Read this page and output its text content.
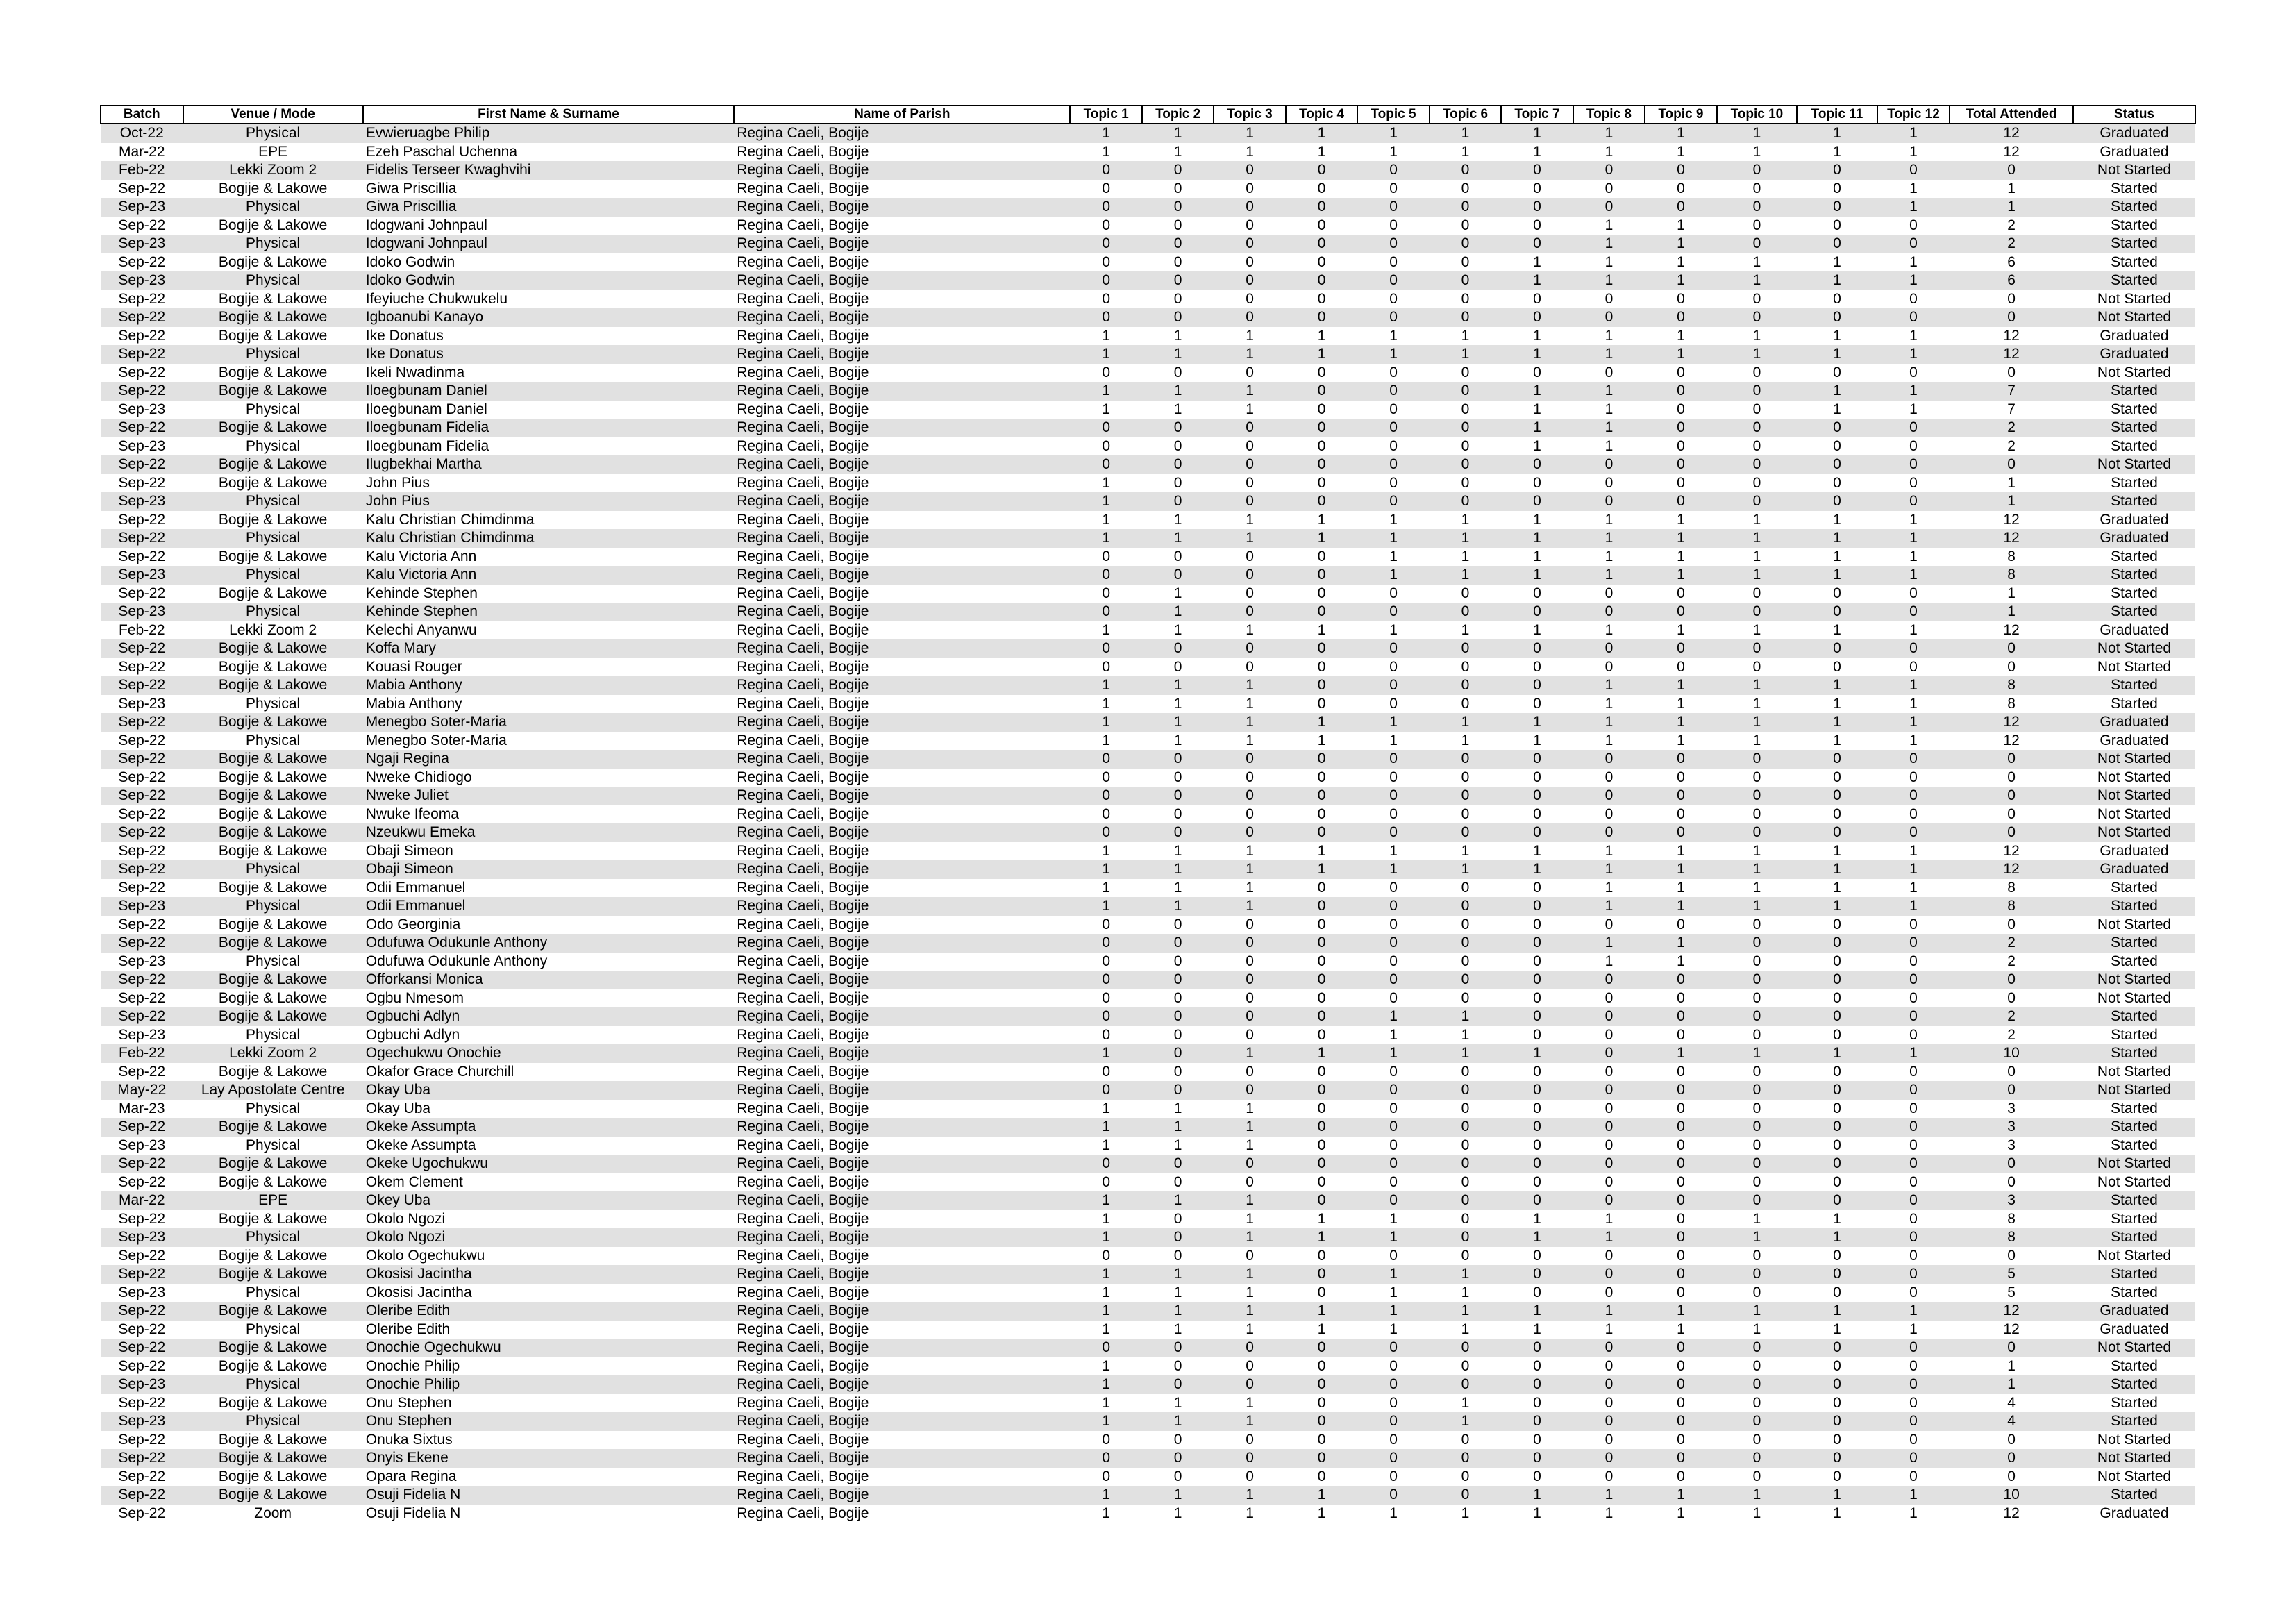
Batch	Venue / Mode	First Name & Surname	Name of Parish	Topic 1	Topic 2	Topic 3	Topic 4	Topic 5	Topic 6	Topic 7	Topic 8	Topic 9	Topic 10	Topic 11	Topic 12	Total Attended	Status
Oct-22	Physical	Evwieruagbe Philip	Regina Caeli, Bogije	1	1	1	1	1	1	1	1	1	1	1	1	12	Graduated
Mar-22	EPE	Ezeh Paschal Uchenna	Regina Caeli, Bogije	1	1	1	1	1	1	1	1	1	1	1	1	12	Graduated
Feb-22	Lekki Zoom 2	Fidelis Terseer Kwaghvihi	Regina Caeli, Bogije	0	0	0	0	0	0	0	0	0	0	0	0	0	Not Started
Sep-22	Bogije & Lakowe	Giwa Priscillia	Regina Caeli, Bogije	0	0	0	0	0	0	0	0	0	0	0	1	1	Started
Sep-23	Physical	Giwa Priscillia	Regina Caeli, Bogije	0	0	0	0	0	0	0	0	0	0	0	1	1	Started
Sep-22	Bogije & Lakowe	Idogwani Johnpaul	Regina Caeli, Bogije	0	0	0	0	0	0	0	1	1	0	0	0	2	Started
Sep-23	Physical	Idogwani Johnpaul	Regina Caeli, Bogije	0	0	0	0	0	0	0	1	1	0	0	0	2	Started
Sep-22	Bogije & Lakowe	Idoko Godwin	Regina Caeli, Bogije	0	0	0	0	0	0	1	1	1	1	1	1	6	Started
Sep-23	Physical	Idoko Godwin	Regina Caeli, Bogije	0	0	0	0	0	0	1	1	1	1	1	1	6	Started
Sep-22	Bogije & Lakowe	Ifeyiuche Chukwukelu	Regina Caeli, Bogije	0	0	0	0	0	0	0	0	0	0	0	0	0	Not Started
Sep-22	Bogije & Lakowe	Igboanubi Kanayo	Regina Caeli, Bogije	0	0	0	0	0	0	0	0	0	0	0	0	0	Not Started
Sep-22	Bogije & Lakowe	Ike Donatus	Regina Caeli, Bogije	1	1	1	1	1	1	1	1	1	1	1	1	12	Graduated
Sep-22	Physical	Ike Donatus	Regina Caeli, Bogije	1	1	1	1	1	1	1	1	1	1	1	1	12	Graduated
Sep-22	Bogije & Lakowe	Ikeli Nwadinma	Regina Caeli, Bogije	0	0	0	0	0	0	0	0	0	0	0	0	0	Not Started
Sep-22	Bogije & Lakowe	Iloegbunam Daniel	Regina Caeli, Bogije	1	1	1	0	0	0	1	1	0	0	1	1	7	Started
Sep-23	Physical	Iloegbunam Daniel	Regina Caeli, Bogije	1	1	1	0	0	0	1	1	0	0	1	1	7	Started
Sep-22	Bogije & Lakowe	Iloegbunam Fidelia	Regina Caeli, Bogije	0	0	0	0	0	0	1	1	0	0	0	0	2	Started
Sep-23	Physical	Iloegbunam Fidelia	Regina Caeli, Bogije	0	0	0	0	0	0	1	1	0	0	0	0	2	Started
Sep-22	Bogije & Lakowe	Ilugbekhai Martha	Regina Caeli, Bogije	0	0	0	0	0	0	0	0	0	0	0	0	0	Not Started
Sep-22	Bogije & Lakowe	John Pius	Regina Caeli, Bogije	1	0	0	0	0	0	0	0	0	0	0	0	1	Started
Sep-23	Physical	John Pius	Regina Caeli, Bogije	1	0	0	0	0	0	0	0	0	0	0	0	1	Started
Sep-22	Bogije & Lakowe	Kalu Christian Chimdinma	Regina Caeli, Bogije	1	1	1	1	1	1	1	1	1	1	1	1	12	Graduated
Sep-22	Physical	Kalu Christian Chimdinma	Regina Caeli, Bogije	1	1	1	1	1	1	1	1	1	1	1	1	12	Graduated
Sep-22	Bogije & Lakowe	Kalu Victoria Ann	Regina Caeli, Bogije	0	0	0	0	1	1	1	1	1	1	1	1	8	Started
Sep-23	Physical	Kalu Victoria Ann	Regina Caeli, Bogije	0	0	0	0	1	1	1	1	1	1	1	1	8	Started
Sep-22	Bogije & Lakowe	Kehinde Stephen	Regina Caeli, Bogije	0	1	0	0	0	0	0	0	0	0	0	0	1	Started
Sep-23	Physical	Kehinde Stephen	Regina Caeli, Bogije	0	1	0	0	0	0	0	0	0	0	0	0	1	Started
Feb-22	Lekki Zoom 2	Kelechi Anyanwu	Regina Caeli, Bogije	1	1	1	1	1	1	1	1	1	1	1	1	12	Graduated
Sep-22	Bogije & Lakowe	Koffa Mary	Regina Caeli, Bogije	0	0	0	0	0	0	0	0	0	0	0	0	0	Not Started
Sep-22	Bogije & Lakowe	Kouasi Rouger	Regina Caeli, Bogije	0	0	0	0	0	0	0	0	0	0	0	0	0	Not Started
Sep-22	Bogije & Lakowe	Mabia Anthony	Regina Caeli, Bogije	1	1	1	0	0	0	0	1	1	1	1	1	8	Started
Sep-23	Physical	Mabia Anthony	Regina Caeli, Bogije	1	1	1	0	0	0	0	1	1	1	1	1	8	Started
Sep-22	Bogije & Lakowe	Menegbo Soter-Maria	Regina Caeli, Bogije	1	1	1	1	1	1	1	1	1	1	1	1	12	Graduated
Sep-22	Physical	Menegbo Soter-Maria	Regina Caeli, Bogije	1	1	1	1	1	1	1	1	1	1	1	1	12	Graduated
Sep-22	Bogije & Lakowe	Ngaji Regina	Regina Caeli, Bogije	0	0	0	0	0	0	0	0	0	0	0	0	0	Not Started
Sep-22	Bogije & Lakowe	Nweke Chidiogo	Regina Caeli, Bogije	0	0	0	0	0	0	0	0	0	0	0	0	0	Not Started
Sep-22	Bogije & Lakowe	Nweke Juliet	Regina Caeli, Bogije	0	0	0	0	0	0	0	0	0	0	0	0	0	Not Started
Sep-22	Bogije & Lakowe	Nwuke Ifeoma	Regina Caeli, Bogije	0	0	0	0	0	0	0	0	0	0	0	0	0	Not Started
Sep-22	Bogije & Lakowe	Nzeukwu Emeka	Regina Caeli, Bogije	0	0	0	0	0	0	0	0	0	0	0	0	0	Not Started
Sep-22	Bogije & Lakowe	Obaji Simeon	Regina Caeli, Bogije	1	1	1	1	1	1	1	1	1	1	1	1	12	Graduated
Sep-22	Physical	Obaji Simeon	Regina Caeli, Bogije	1	1	1	1	1	1	1	1	1	1	1	1	12	Graduated
Sep-22	Bogije & Lakowe	Odii Emmanuel	Regina Caeli, Bogije	1	1	1	0	0	0	0	1	1	1	1	1	8	Started
Sep-23	Physical	Odii Emmanuel	Regina Caeli, Bogije	1	1	1	0	0	0	0	1	1	1	1	1	8	Started
Sep-22	Bogije & Lakowe	Odo Georginia	Regina Caeli, Bogije	0	0	0	0	0	0	0	0	0	0	0	0	0	Not Started
Sep-22	Bogije & Lakowe	Odufuwa Odukunle Anthony	Regina Caeli, Bogije	0	0	0	0	0	0	0	1	1	0	0	0	2	Started
Sep-23	Physical	Odufuwa Odukunle Anthony	Regina Caeli, Bogije	0	0	0	0	0	0	0	1	1	0	0	0	2	Started
Sep-22	Bogije & Lakowe	Offorkansi Monica	Regina Caeli, Bogije	0	0	0	0	0	0	0	0	0	0	0	0	0	Not Started
Sep-22	Bogije & Lakowe	Ogbu Nmesom	Regina Caeli, Bogije	0	0	0	0	0	0	0	0	0	0	0	0	0	Not Started
Sep-22	Bogije & Lakowe	Ogbuchi Adlyn	Regina Caeli, Bogije	0	0	0	0	1	1	0	0	0	0	0	0	2	Started
Sep-23	Physical	Ogbuchi Adlyn	Regina Caeli, Bogije	0	0	0	0	1	1	0	0	0	0	0	0	2	Started
Feb-22	Lekki Zoom 2	Ogechukwu Onochie	Regina Caeli, Bogije	1	0	1	1	1	1	1	0	1	1	1	1	10	Started
Sep-22	Bogije & Lakowe	Okafor Grace Churchill	Regina Caeli, Bogije	0	0	0	0	0	0	0	0	0	0	0	0	0	Not Started
May-22	Lay Apostolate Centre	Okay Uba	Regina Caeli, Bogije	0	0	0	0	0	0	0	0	0	0	0	0	0	Not Started
Mar-23	Physical	Okay Uba	Regina Caeli, Bogije	1	1	1	0	0	0	0	0	0	0	0	0	3	Started
Sep-22	Bogije & Lakowe	Okeke Assumpta	Regina Caeli, Bogije	1	1	1	0	0	0	0	0	0	0	0	0	3	Started
Sep-23	Physical	Okeke Assumpta	Regina Caeli, Bogije	1	1	1	0	0	0	0	0	0	0	0	0	3	Started
Sep-22	Bogije & Lakowe	Okeke Ugochukwu	Regina Caeli, Bogije	0	0	0	0	0	0	0	0	0	0	0	0	0	Not Started
Sep-22	Bogije & Lakowe	Okem Clement	Regina Caeli, Bogije	0	0	0	0	0	0	0	0	0	0	0	0	0	Not Started
Mar-22	EPE	Okey Uba	Regina Caeli, Bogije	1	1	1	0	0	0	0	0	0	0	0	0	3	Started
Sep-22	Bogije & Lakowe	Okolo Ngozi	Regina Caeli, Bogije	1	0	1	1	1	0	1	1	0	1	1	0	8	Started
Sep-23	Physical	Okolo Ngozi	Regina Caeli, Bogije	1	0	1	1	1	0	1	1	0	1	1	0	8	Started
Sep-22	Bogije & Lakowe	Okolo Ogechukwu	Regina Caeli, Bogije	0	0	0	0	0	0	0	0	0	0	0	0	0	Not Started
Sep-22	Bogije & Lakowe	Okosisi Jacintha	Regina Caeli, Bogije	1	1	1	0	1	1	0	0	0	0	0	0	5	Started
Sep-23	Physical	Okosisi Jacintha	Regina Caeli, Bogije	1	1	1	0	1	1	0	0	0	0	0	0	5	Started
Sep-22	Bogije & Lakowe	Oleribe Edith	Regina Caeli, Bogije	1	1	1	1	1	1	1	1	1	1	1	1	12	Graduated
Sep-22	Physical	Oleribe Edith	Regina Caeli, Bogije	1	1	1	1	1	1	1	1	1	1	1	1	12	Graduated
Sep-22	Bogije & Lakowe	Onochie Ogechukwu	Regina Caeli, Bogije	0	0	0	0	0	0	0	0	0	0	0	0	0	Not Started
Sep-22	Bogije & Lakowe	Onochie Philip	Regina Caeli, Bogije	1	0	0	0	0	0	0	0	0	0	0	0	1	Started
Sep-23	Physical	Onochie Philip	Regina Caeli, Bogije	1	0	0	0	0	0	0	0	0	0	0	0	1	Started
Sep-22	Bogije & Lakowe	Onu Stephen	Regina Caeli, Bogije	1	1	1	0	0	1	0	0	0	0	0	0	4	Started
Sep-23	Physical	Onu Stephen	Regina Caeli, Bogije	1	1	1	0	0	1	0	0	0	0	0	0	4	Started
Sep-22	Bogije & Lakowe	Onuka Sixtus	Regina Caeli, Bogije	0	0	0	0	0	0	0	0	0	0	0	0	0	Not Started
Sep-22	Bogije & Lakowe	Onyis Ekene	Regina Caeli, Bogije	0	0	0	0	0	0	0	0	0	0	0	0	0	Not Started
Sep-22	Bogije & Lakowe	Opara Regina	Regina Caeli, Bogije	0	0	0	0	0	0	0	0	0	0	0	0	0	Not Started
Sep-22	Bogije & Lakowe	Osuji Fidelia N	Regina Caeli, Bogije	1	1	1	1	0	0	1	1	1	1	1	1	10	Started
Sep-22	Zoom	Osuji Fidelia N	Regina Caeli, Bogije	1	1	1	1	1	1	1	1	1	1	1	1	12	Graduated
